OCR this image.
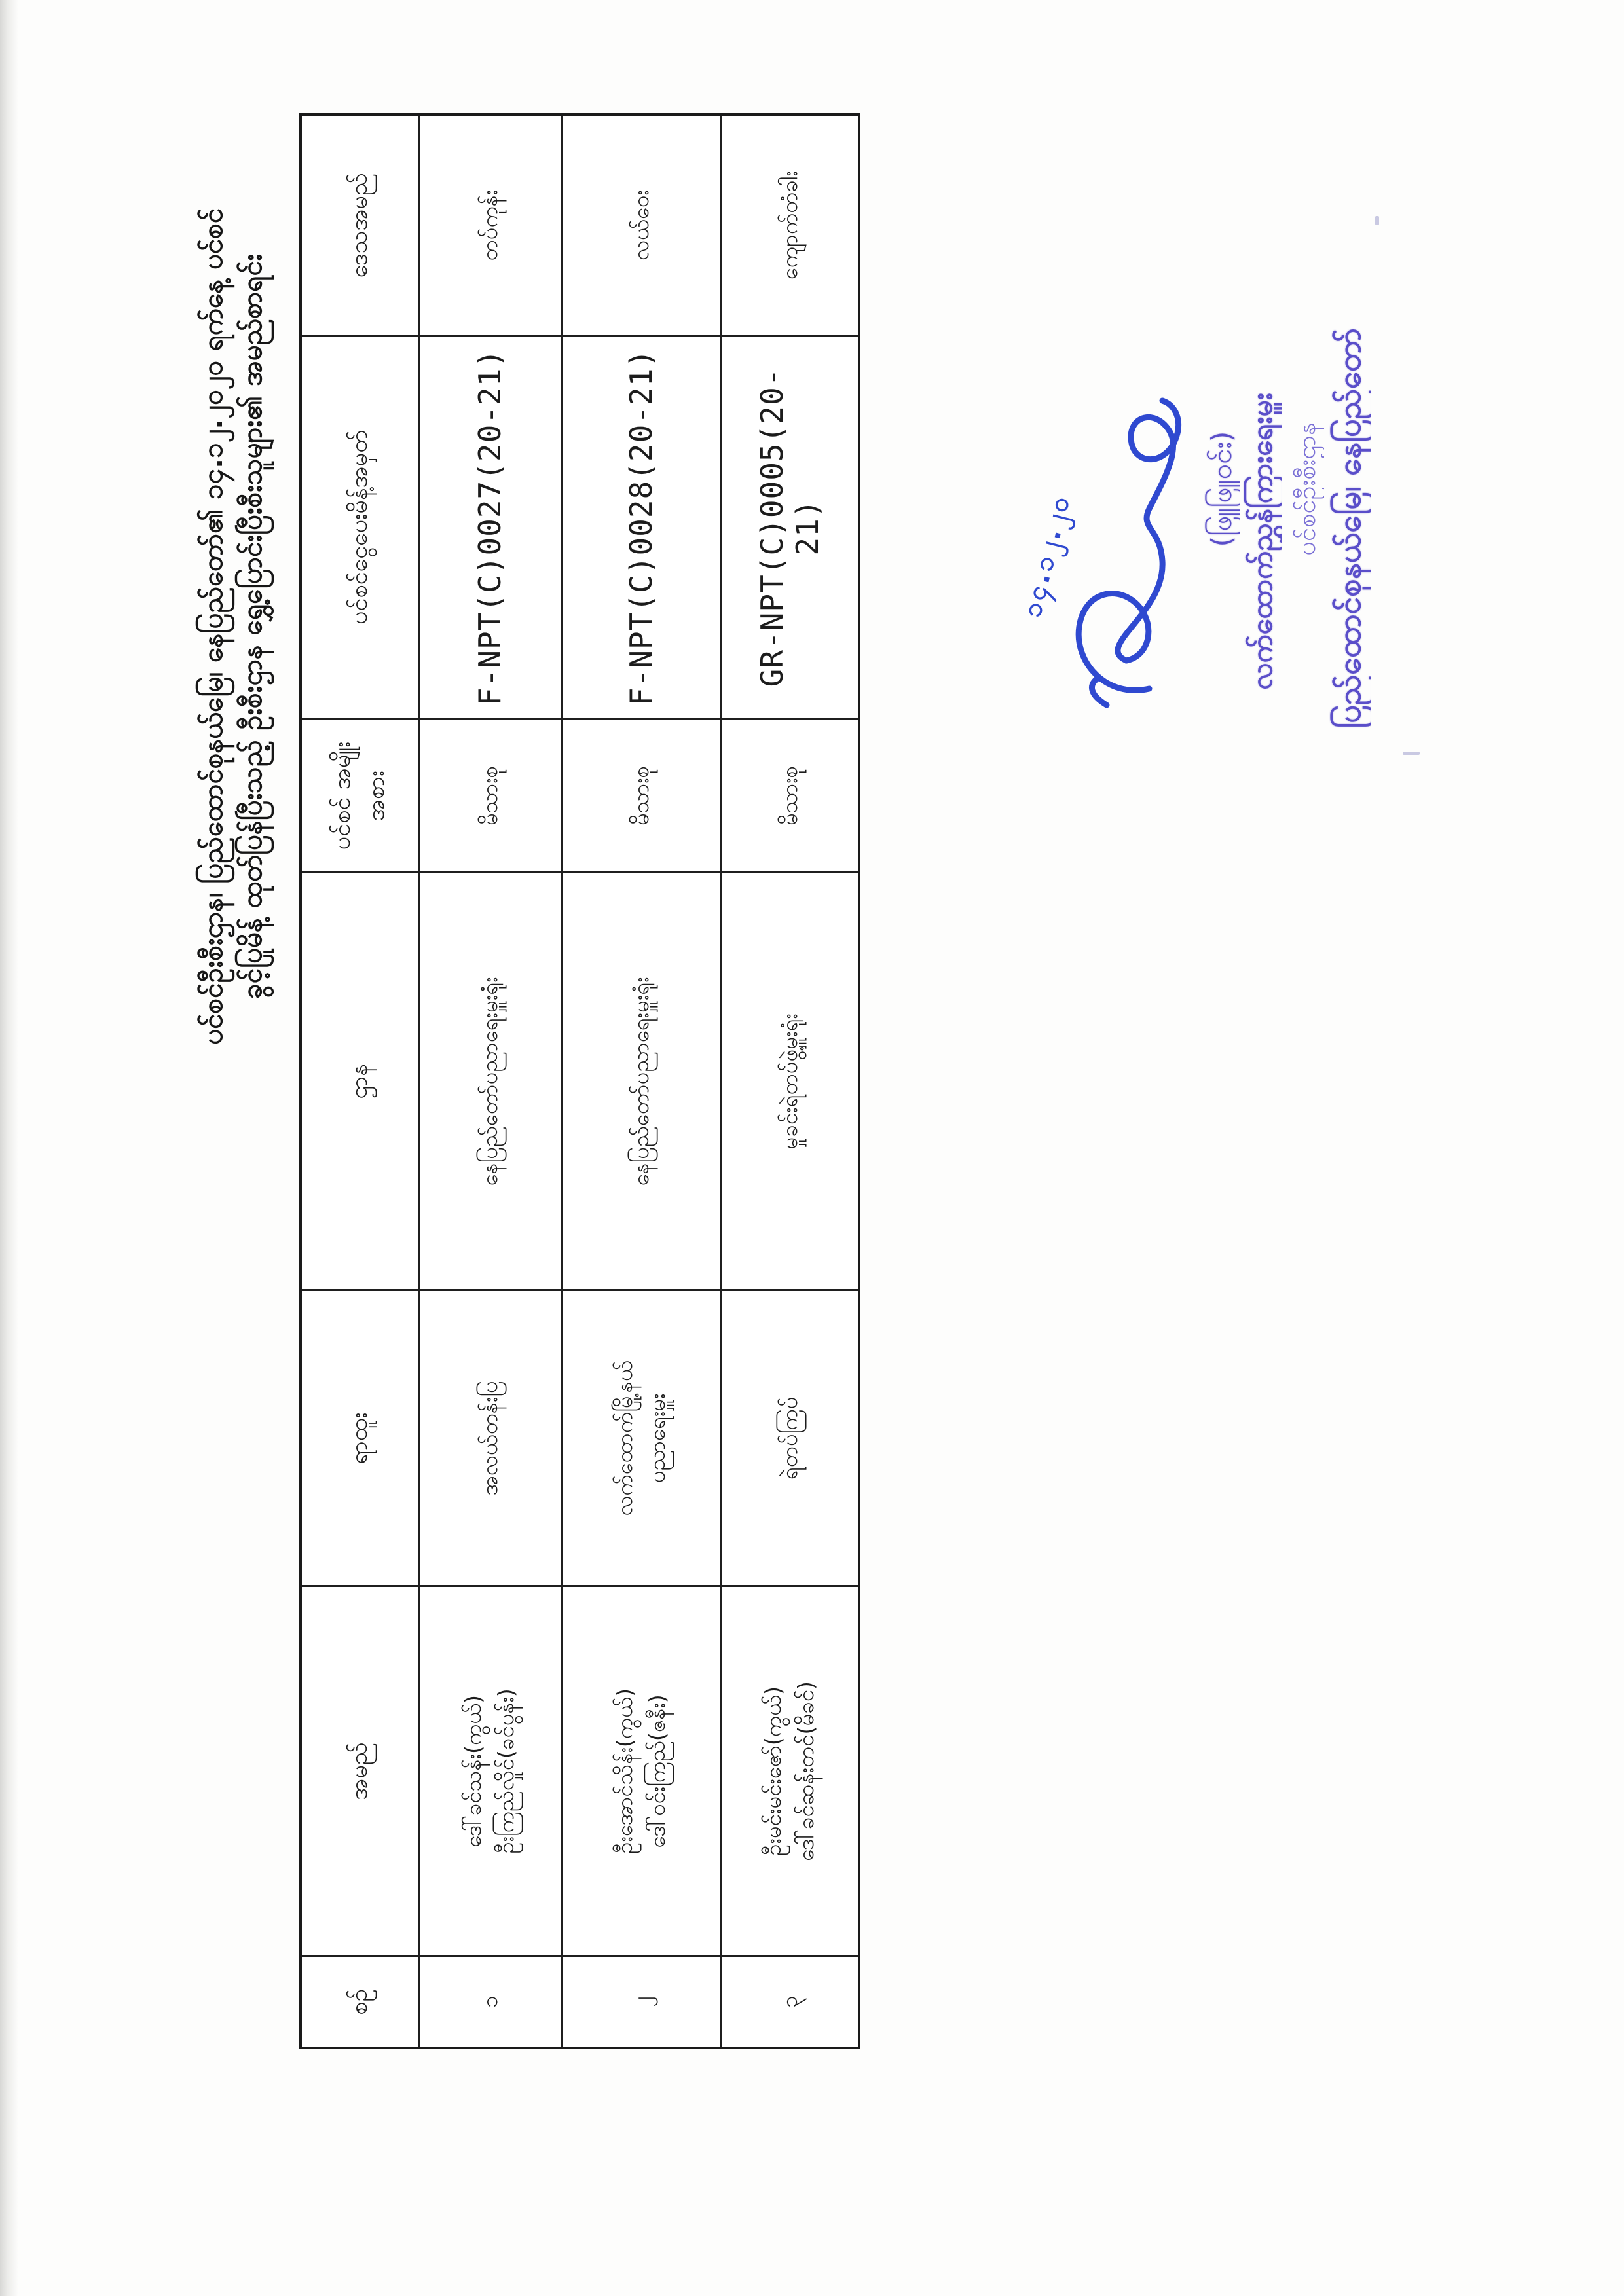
ပင်စင်ဦးစီးဌာန၊ ပြည်ထောင်စုနယ်မြေ၊ နေပြည်တော်၏ ၁၄.၁၂.၂၀၂၀ ရက်နေ့ ပင်စင်ခွင့်ပြုမိန့် ထုတ်ပြန်ပြီးသည့် ဦးစီးဌာန ရွှေ့ပြောင်းပြီးစီးသူများ၏ အမည်စာရင်း
စဉ်	အမည်	ရာထူး	ဌာန	ပင်စင် အမျိုးအစား	ပင်စင်ငွေပေးမိန့်အမှတ်	ဒေသအမည်
၁	ဒေါ်ခင်သန်း(ကွယ်) ဦးကြည်လှိုင်(ခင်ပွန်း)	အလယ်တန်းပြ	နေပြည်တော်ပညာရေးမှူးရုံး	မိသားစု	F-NPT(C)0027(20-21)	တပ်ကုန်း
၂	ဦးအောင်သိန်း(ကွယ်) ဒေါ်ဝင်းကြည်(ဇနီး)	လက်ထောက်မြို့နယ် ပညာရေးမှူး	နေပြည်တော်ပညာရေးမှူးရုံး	မိသားစု	F-NPT(C)0028(20-21)	လယ်ဝေး
၃	ဦးမင်းမင်းဇော်(ကွယ်) ဒေါ်ခင်ဆန်းတင်(မိခင်)	ရဲတပ်ကြပ်	မှုခင်းရဲတပ်ဖွဲ့မှူးရုံး	မိသားစု	GR-NPT(C)0005(20-21)	ကျောက်တံခါး
၁၄.၁၂.၂၀
(ဖြူဖြူဝင်း) လက်ထောက်ညွှန်ကြားရေးမှူး ပင်စင်ဦးစီးဌာန ပြည်ထောင်စုနယ်မြေ၊ နေပြည်တော်
